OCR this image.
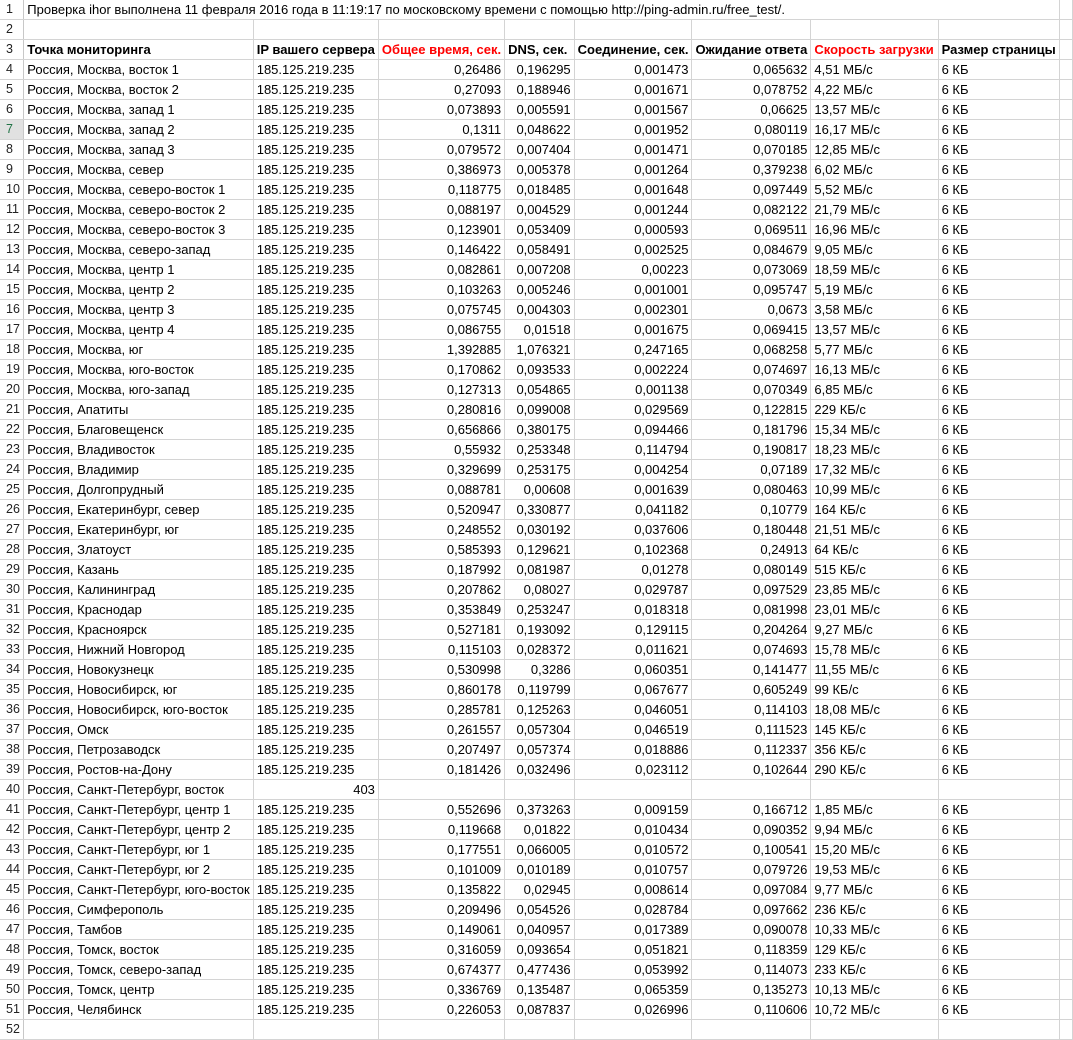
1	Проверка ihor выполнена 11 февраля 2016 года в 11:19:17 по московскому времени с помощью http://ping-admin.ru/free_test/.								
2									
3	Точка мониторинга	IP вашего сервера	Общее время, сек.	DNS, сек.	Соединение, сек.	Ожидание ответа	Скорость загрузки	Размер страницы	
4	Россия, Москва, восток 1	185.125.219.235	0,26486	0,196295	0,001473	0,065632	4,51 МБ/с	6 КБ	
5	Россия, Москва, восток 2	185.125.219.235	0,27093	0,188946	0,001671	0,078752	4,22 МБ/с	6 КБ	
6	Россия, Москва, запад 1	185.125.219.235	0,073893	0,005591	0,001567	0,06625	13,57 МБ/с	6 КБ	
7	Россия, Москва, запад 2	185.125.219.235	0,1311	0,048622	0,001952	0,080119	16,17 МБ/с	6 КБ	
8	Россия, Москва, запад 3	185.125.219.235	0,079572	0,007404	0,001471	0,070185	12,85 МБ/с	6 КБ	
9	Россия, Москва, север	185.125.219.235	0,386973	0,005378	0,001264	0,379238	6,02 МБ/с	6 КБ	
10	Россия, Москва, северо-восток 1	185.125.219.235	0,118775	0,018485	0,001648	0,097449	5,52 МБ/с	6 КБ	
11	Россия, Москва, северо-восток 2	185.125.219.235	0,088197	0,004529	0,001244	0,082122	21,79 МБ/с	6 КБ	
12	Россия, Москва, северо-восток 3	185.125.219.235	0,123901	0,053409	0,000593	0,069511	16,96 МБ/с	6 КБ	
13	Россия, Москва, северо-запад	185.125.219.235	0,146422	0,058491	0,002525	0,084679	9,05 МБ/с	6 КБ	
14	Россия, Москва, центр 1	185.125.219.235	0,082861	0,007208	0,00223	0,073069	18,59 МБ/с	6 КБ	
15	Россия, Москва, центр 2	185.125.219.235	0,103263	0,005246	0,001001	0,095747	5,19 МБ/с	6 КБ	
16	Россия, Москва, центр 3	185.125.219.235	0,075745	0,004303	0,002301	0,0673	3,58 МБ/с	6 КБ	
17	Россия, Москва, центр 4	185.125.219.235	0,086755	0,01518	0,001675	0,069415	13,57 МБ/с	6 КБ	
18	Россия, Москва, юг	185.125.219.235	1,392885	1,076321	0,247165	0,068258	5,77 МБ/с	6 КБ	
19	Россия, Москва, юго-восток	185.125.219.235	0,170862	0,093533	0,002224	0,074697	16,13 МБ/с	6 КБ	
20	Россия, Москва, юго-запад	185.125.219.235	0,127313	0,054865	0,001138	0,070349	6,85 МБ/с	6 КБ	
21	Россия, Апатиты	185.125.219.235	0,280816	0,099008	0,029569	0,122815	229 КБ/с	6 КБ	
22	Россия, Благовещенск	185.125.219.235	0,656866	0,380175	0,094466	0,181796	15,34 МБ/с	6 КБ	
23	Россия, Владивосток	185.125.219.235	0,55932	0,253348	0,114794	0,190817	18,23 МБ/с	6 КБ	
24	Россия, Владимир	185.125.219.235	0,329699	0,253175	0,004254	0,07189	17,32 МБ/с	6 КБ	
25	Россия, Долгопрудный	185.125.219.235	0,088781	0,00608	0,001639	0,080463	10,99 МБ/с	6 КБ	
26	Россия, Екатеринбург, север	185.125.219.235	0,520947	0,330877	0,041182	0,10779	164 КБ/с	6 КБ	
27	Россия, Екатеринбург, юг	185.125.219.235	0,248552	0,030192	0,037606	0,180448	21,51 МБ/с	6 КБ	
28	Россия, Златоуст	185.125.219.235	0,585393	0,129621	0,102368	0,24913	64 КБ/с	6 КБ	
29	Россия, Казань	185.125.219.235	0,187992	0,081987	0,01278	0,080149	515 КБ/с	6 КБ	
30	Россия, Калининград	185.125.219.235	0,207862	0,08027	0,029787	0,097529	23,85 МБ/с	6 КБ	
31	Россия, Краснодар	185.125.219.235	0,353849	0,253247	0,018318	0,081998	23,01 МБ/с	6 КБ	
32	Россия, Красноярск	185.125.219.235	0,527181	0,193092	0,129115	0,204264	9,27 МБ/с	6 КБ	
33	Россия, Нижний Новгород	185.125.219.235	0,115103	0,028372	0,011621	0,074693	15,78 МБ/с	6 КБ	
34	Россия, Новокузнецк	185.125.219.235	0,530998	0,3286	0,060351	0,141477	11,55 МБ/с	6 КБ	
35	Россия, Новосибирск, юг	185.125.219.235	0,860178	0,119799	0,067677	0,605249	99 КБ/с	6 КБ	
36	Россия, Новосибирск, юго-восток	185.125.219.235	0,285781	0,125263	0,046051	0,114103	18,08 МБ/с	6 КБ	
37	Россия, Омск	185.125.219.235	0,261557	0,057304	0,046519	0,111523	145 КБ/с	6 КБ	
38	Россия, Петрозаводск	185.125.219.235	0,207497	0,057374	0,018886	0,112337	356 КБ/с	6 КБ	
39	Россия, Ростов-на-Дону	185.125.219.235	0,181426	0,032496	0,023112	0,102644	290 КБ/с	6 КБ	
40	Россия, Санкт-Петербург, восток	403							
41	Россия, Санкт-Петербург, центр 1	185.125.219.235	0,552696	0,373263	0,009159	0,166712	1,85 МБ/с	6 КБ	
42	Россия, Санкт-Петербург, центр 2	185.125.219.235	0,119668	0,01822	0,010434	0,090352	9,94 МБ/с	6 КБ	
43	Россия, Санкт-Петербург, юг 1	185.125.219.235	0,177551	0,066005	0,010572	0,100541	15,20 МБ/с	6 КБ	
44	Россия, Санкт-Петербург, юг 2	185.125.219.235	0,101009	0,010189	0,010757	0,079726	19,53 МБ/с	6 КБ	
45	Россия, Санкт-Петербург, юго-восток	185.125.219.235	0,135822	0,02945	0,008614	0,097084	9,77 МБ/с	6 КБ	
46	Россия, Симферополь	185.125.219.235	0,209496	0,054526	0,028784	0,097662	236 КБ/с	6 КБ	
47	Россия, Тамбов	185.125.219.235	0,149061	0,040957	0,017389	0,090078	10,33 МБ/с	6 КБ	
48	Россия, Томск, восток	185.125.219.235	0,316059	0,093654	0,051821	0,118359	129 КБ/с	6 КБ	
49	Россия, Томск, северо-запад	185.125.219.235	0,674377	0,477436	0,053992	0,114073	233 КБ/с	6 КБ	
50	Россия, Томск, центр	185.125.219.235	0,336769	0,135487	0,065359	0,135273	10,13 МБ/с	6 КБ	
51	Россия, Челябинск	185.125.219.235	0,226053	0,087837	0,026996	0,110606	10,72 МБ/с	6 КБ	
52									
